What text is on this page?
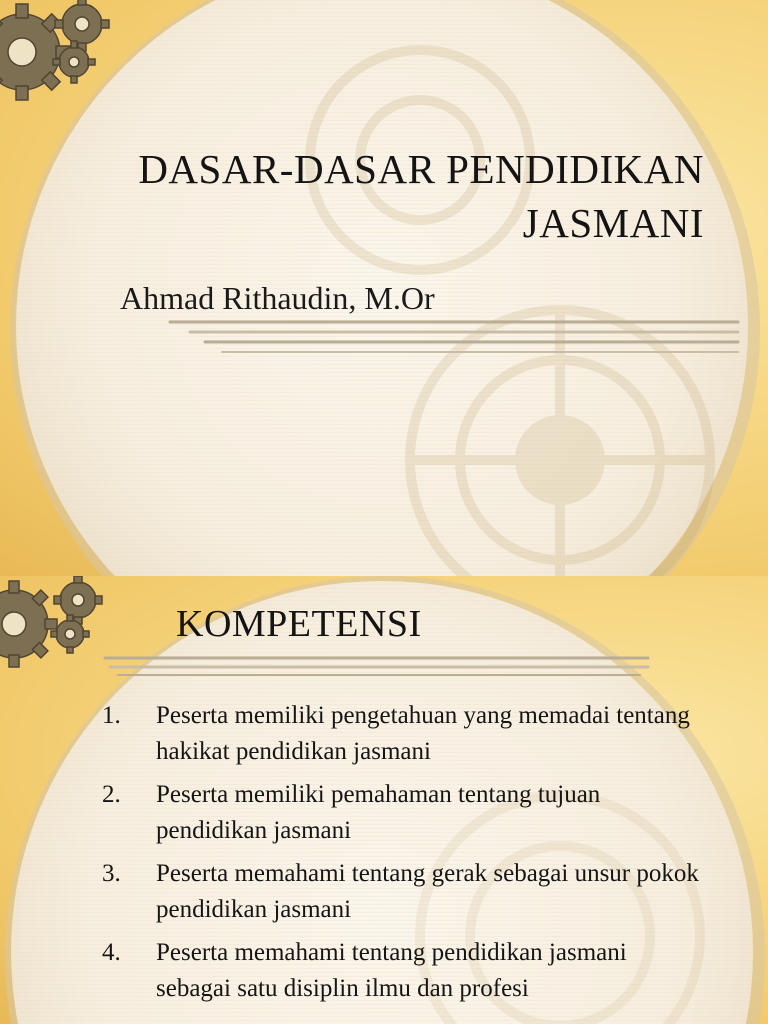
DASAR-DASAR PENDIDIKAN
JASMANI
Ahmad Rithaudin, M.Or
KOMPETENSI
1.	Peserta memiliki pengetahuan yang memadai tentang hakikat pendidikan jasmani
2.	Peserta memiliki pemahaman tentang tujuan pendidikan jasmani
3.	Peserta memahami tentang gerak sebagai unsur pokok pendidikan jasmani
4.	Peserta memahami tentang pendidikan jasmani sebagai satu disiplin ilmu dan profesi
